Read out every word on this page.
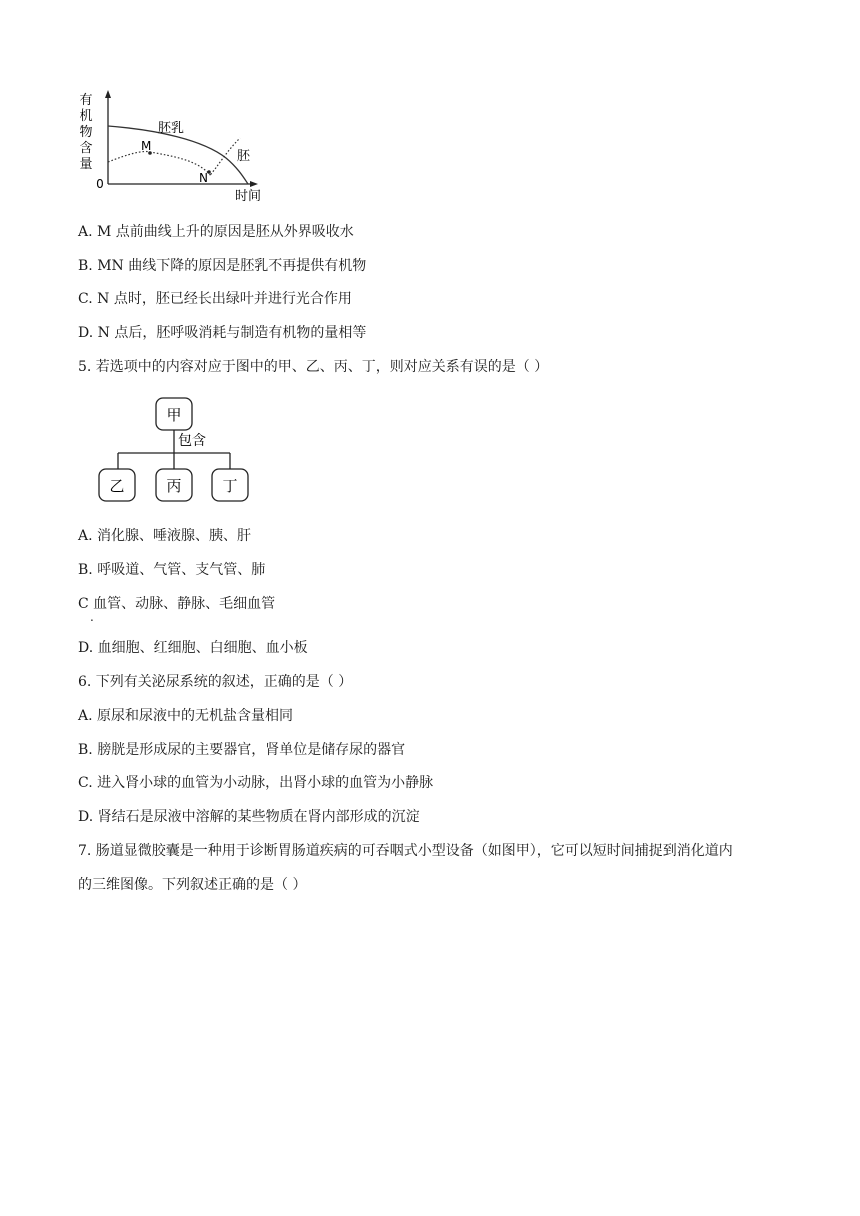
有
机
物
含
量
0
时间
胚乳
M
N
胚
A. M 点前曲线上升的原因是胚从外界吸收水
B. MN 曲线下降的原因是胚乳不再提供有机物
C. N 点时，胚已经长出绿叶并进行光合作用
D. N 点后，胚呼吸消耗与制造有机物的量相等
5. 若选项中的内容对应于图中的甲、乙、丙、丁，则对应关系有误的是（ ）
甲
包含
乙	丙	丁
A. 消化腺、唾液腺、胰、肝
B. 呼吸道、气管、支气管、肺
C 血管、动脉、静脉、毛细血管
.
D. 血细胞、红细胞、白细胞、血小板
6. 下列有关泌尿系统的叙述，正确的是（ ）
A. 原尿和尿液中的无机盐含量相同
B. 膀胱是形成尿的主要器官，肾单位是储存尿的器官
C. 进入肾小球的血管为小动脉，出肾小球的血管为小静脉
D. 肾结石是尿液中溶解的某些物质在肾内部形成的沉淀
7. 肠道显微胶囊是一种用于诊断胃肠道疾病的可吞咽式小型设备（如图甲），它可以短时间捕捉到消化道内
的三维图像。下列叙述正确的是（ ）
